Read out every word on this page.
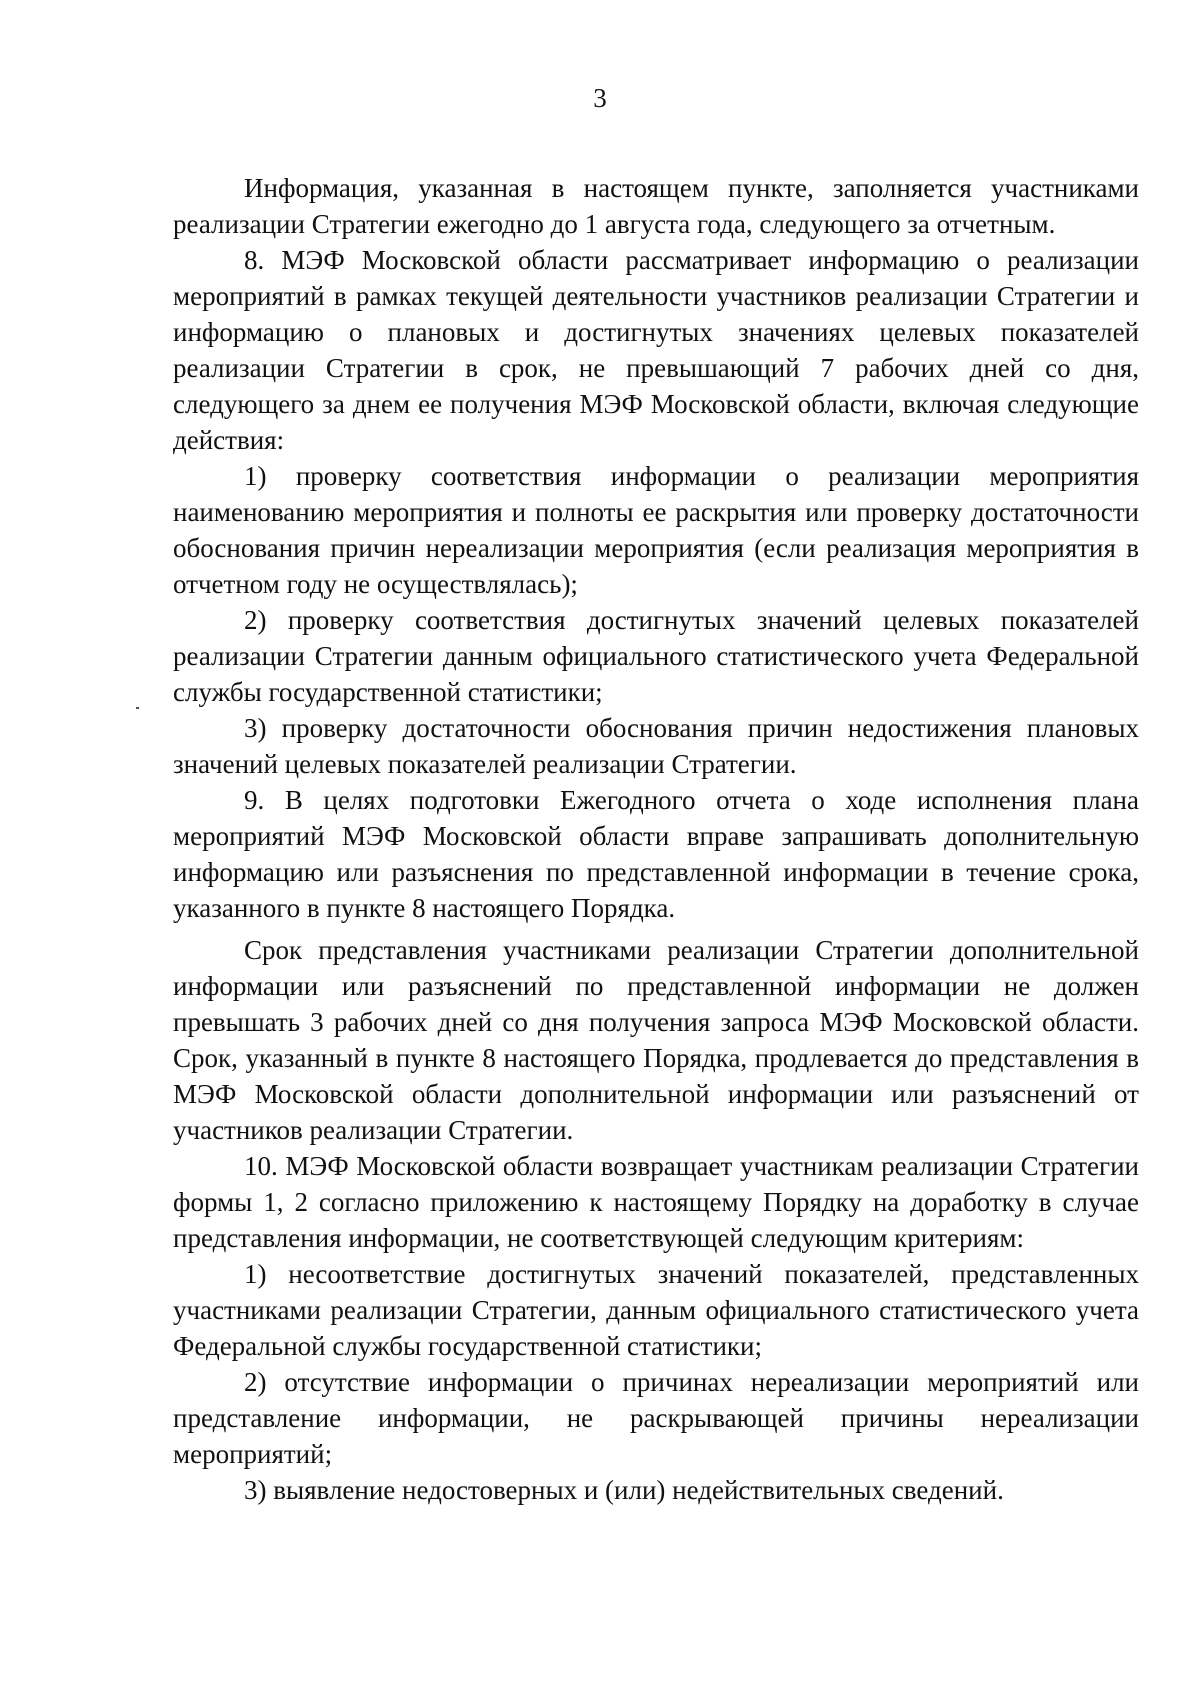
3

Информация, указанная в настоящем пункте, заполняется участниками реализации Стратегии ежегодно до 1 августа года, следующего за отчетным.

8. МЭФ Московской области рассматривает информацию о реализации мероприятий в рамках текущей деятельности участников реализации Стратегии и информацию о плановых и достигнутых значениях целевых показателей реализации Стратегии в срок, не превышающий 7 рабочих дней со дня, следующего за днем ее получения МЭФ Московской области, включая следующие действия:

1) проверку соответствия информации о реализации мероприятия наименованию мероприятия и полноты ее раскрытия или проверку достаточности обоснования причин нереализации мероприятия (если реализация мероприятия в отчетном году не осуществлялась);

2) проверку соответствия достигнутых значений целевых показателей реализации Стратегии данным официального статистического учета Федеральной службы государственной статистики;

3) проверку достаточности обоснования причин недостижения плановых значений целевых показателей реализации Стратегии.

9. В целях подготовки Ежегодного отчета о ходе исполнения плана мероприятий МЭФ Московской области вправе запрашивать дополнительную информацию или разъяснения по представленной информации в течение срока, указанного в пункте 8 настоящего Порядка.

Срок представления участниками реализации Стратегии дополнительной информации или разъяснений по представленной информации не должен превышать 3 рабочих дней со дня получения запроса МЭФ Московской области. Срок, указанный в пункте 8 настоящего Порядка, продлевается до представления в МЭФ Московской области дополнительной информации или разъяснений от участников реализации Стратегии.

10. МЭФ Московской области возвращает участникам реализации Стратегии формы 1, 2 согласно приложению к настоящему Порядку на доработку в случае представления информации, не соответствующей следующим критериям:

1) несоответствие достигнутых значений показателей, представленных участниками реализации Стратегии, данным официального статистического учета Федеральной службы государственной статистики;

2) отсутствие информации о причинах нереализации мероприятий или представление информации, не раскрывающей причины нереализации мероприятий;

3) выявление недостоверных и (или) недействительных сведений.
